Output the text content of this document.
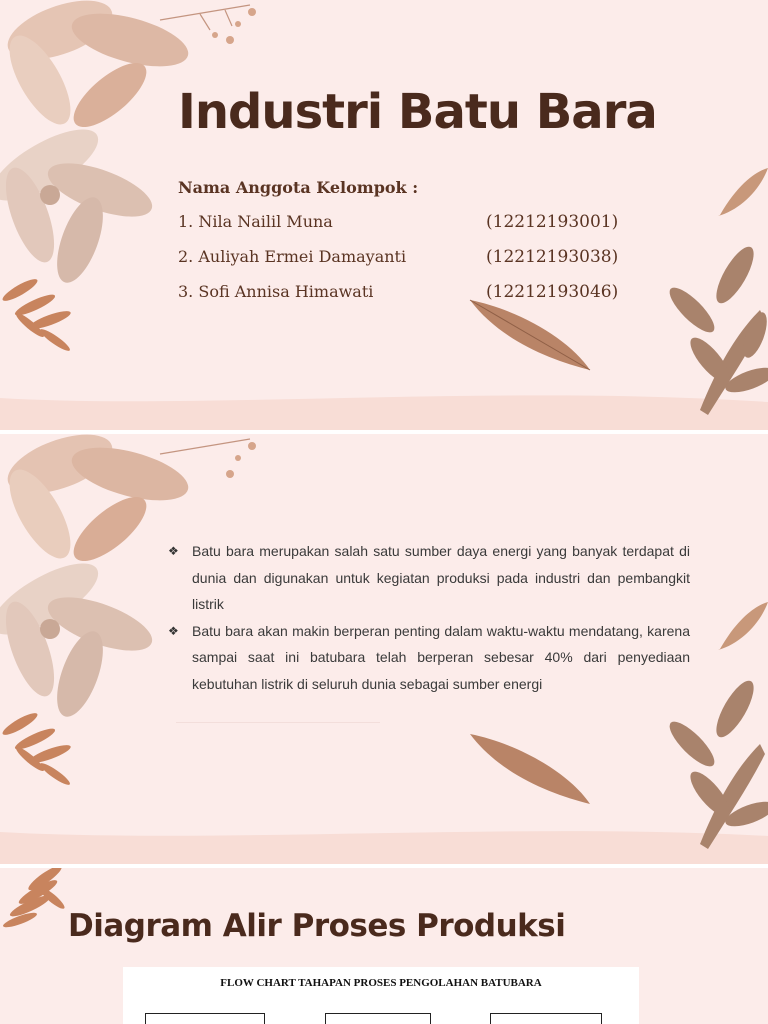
Industri Batu Bara
Nama Anggota Kelompok :
1. Nila Nailil Muna	(12212193001)
2. Auliyah Ermei Damayanti	(12212193038)
3. Sofi Annisa Himawati	(12212193046)
❖ Batu bara merupakan salah satu sumber daya energi yang banyak terdapat di dunia dan digunakan untuk kegiatan produksi pada industri dan pembangkit listrik
❖ Batu bara akan makin berperan penting dalam waktu-waktu mendatang, karena sampai saat ini batubara telah berperan sebesar 40% dari penyediaan kebutuhan listrik di seluruh dunia sebagai sumber energi
Diagram Alir Proses Produksi
FLOW CHART TAHAPAN PROSES PENGOLAHAN BATUBARA
